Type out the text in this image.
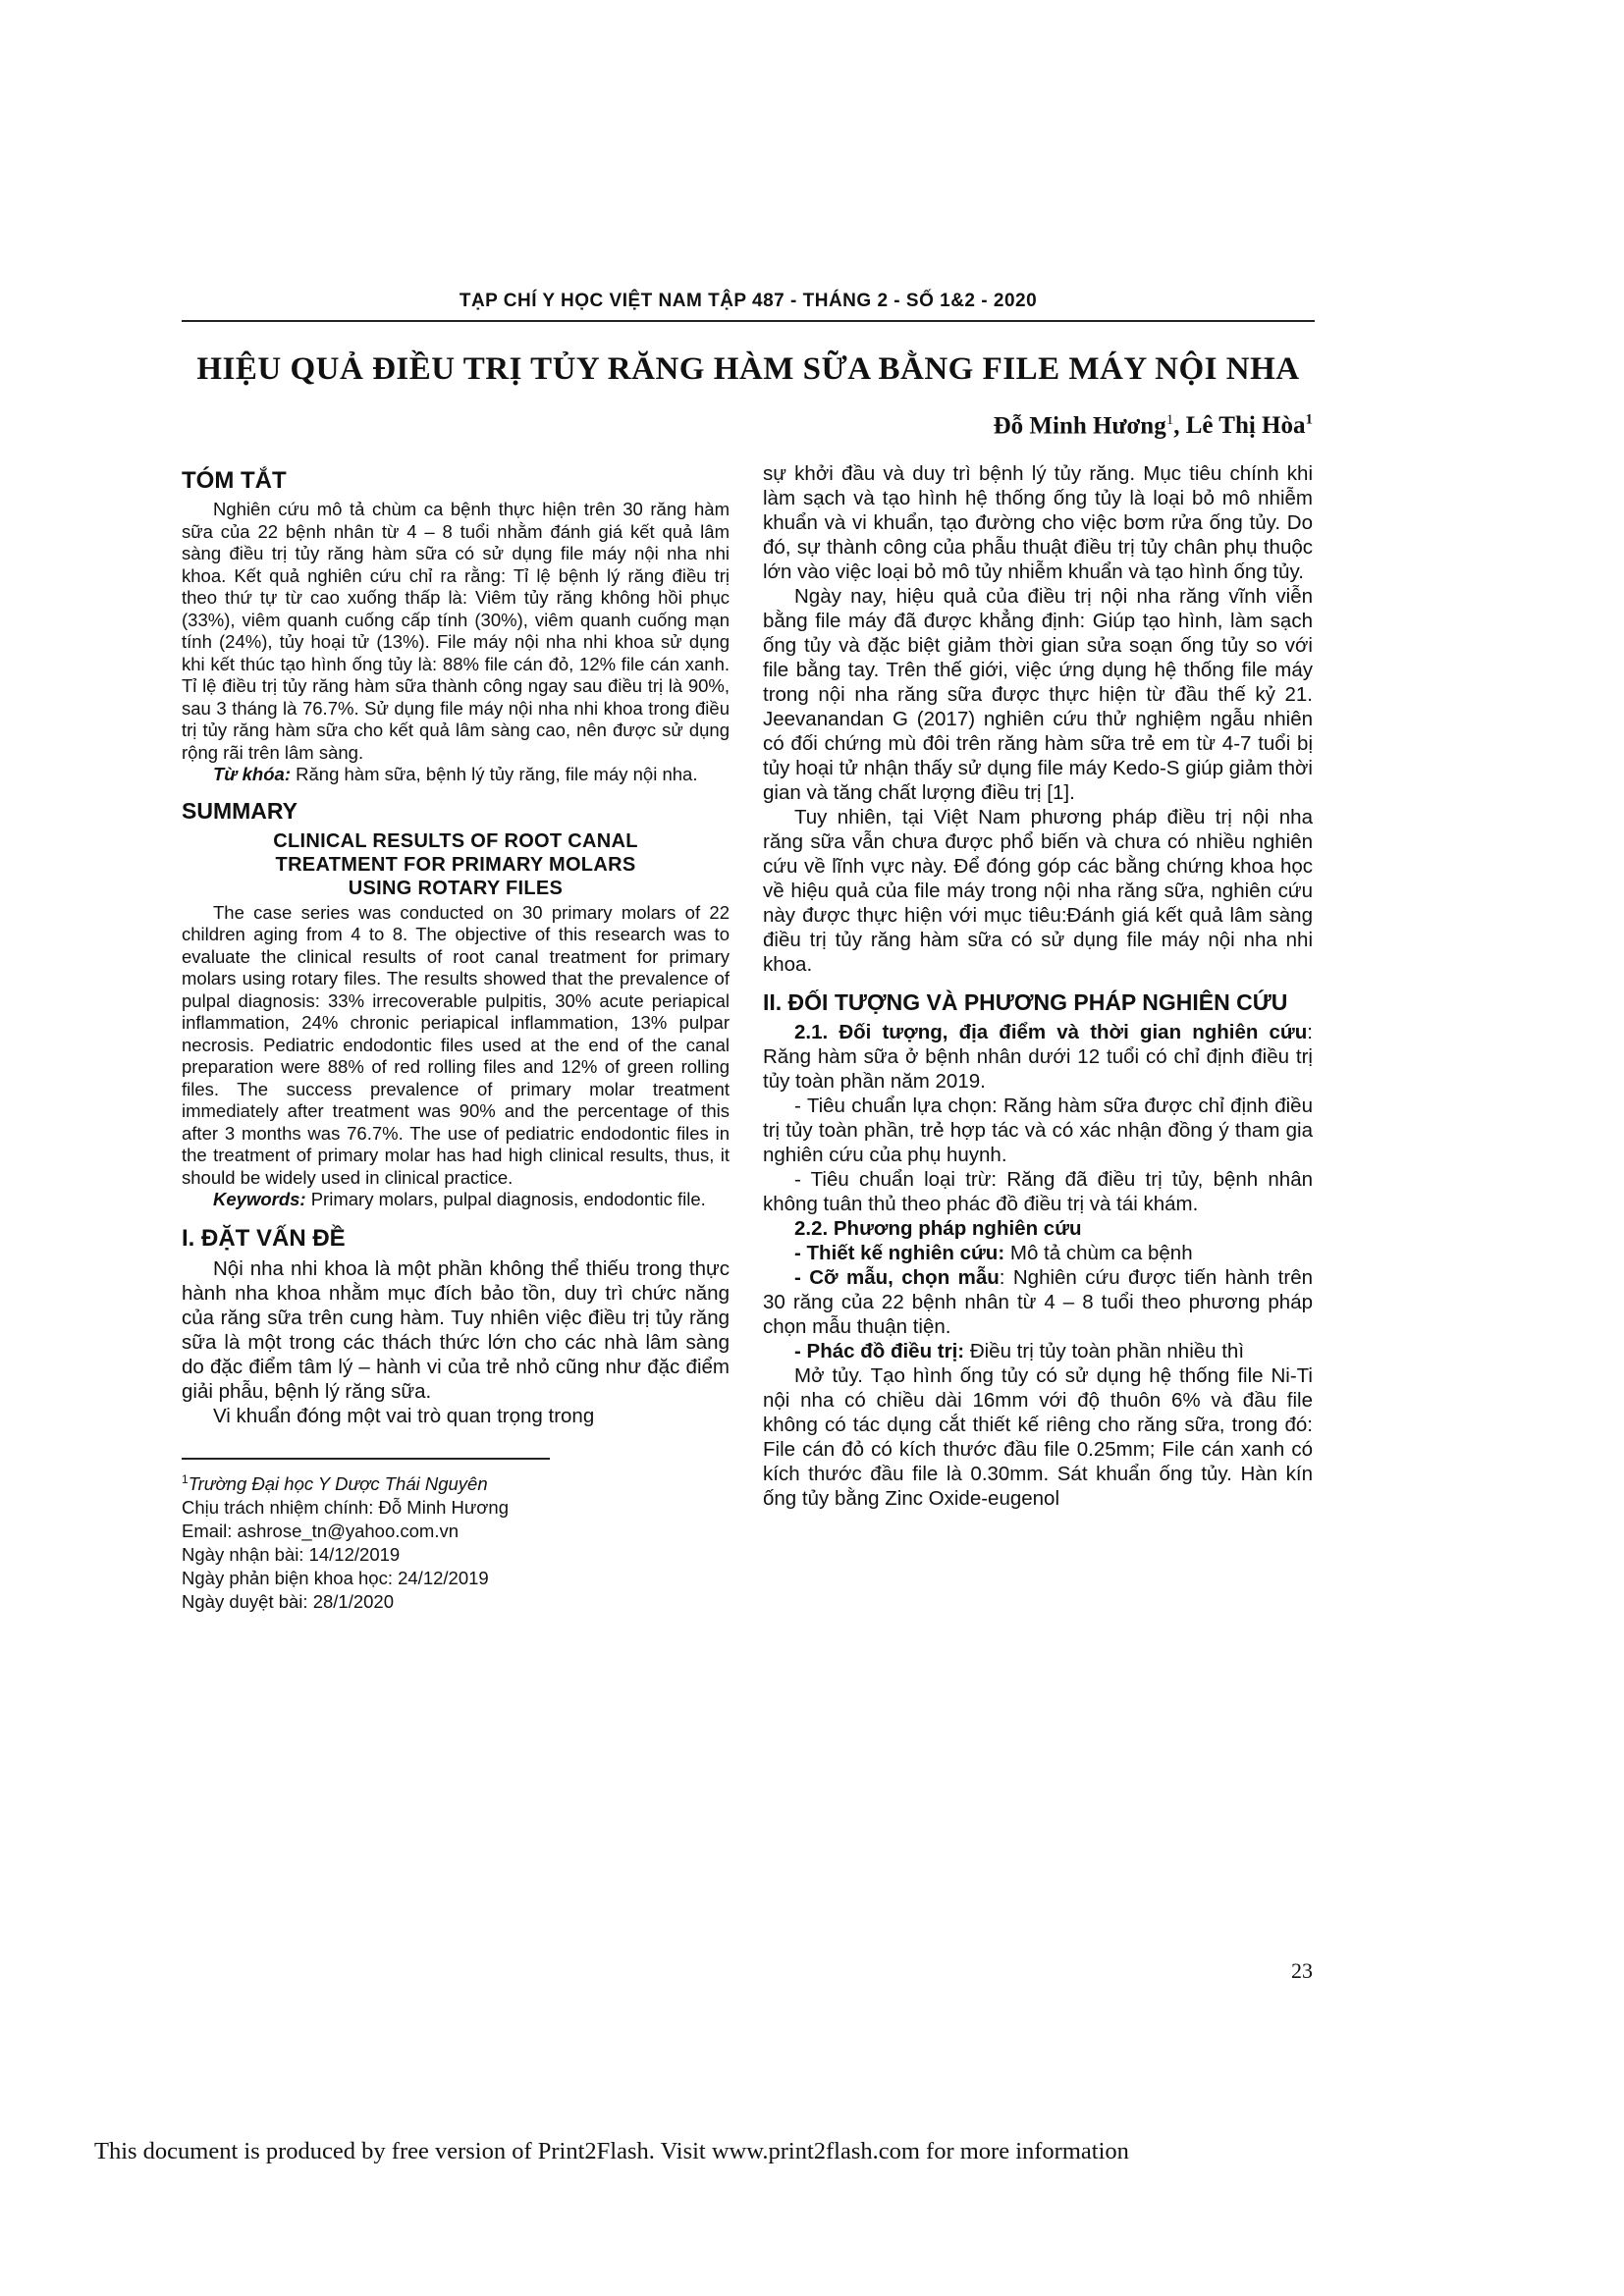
TẠP CHÍ Y HỌC VIỆT NAM TẬP 487 - THÁNG 2 - SỐ 1&2 - 2020
HIỆU QUẢ ĐIỀU TRỊ TỦY RĂNG HÀM SỮA BẰNG FILE MÁY NỘI NHA
Đỗ Minh Hương$^1$, Lê Thị Hòa$^1$

TÓM TẮT

Nghiên cứu mô tả chùm ca bệnh thực hiện trên 30 răng hàm sữa của 22 bệnh nhân từ 4 – 8 tuổi nhằm đánh giá kết quả lâm sàng điều trị tủy răng hàm sữa có sử dụng file máy nội nha nhi khoa. Kết quả nghiên cứu chỉ ra rằng: Tỉ lệ bệnh lý răng điều trị theo thứ tự từ cao xuống thấp là: Viêm tủy răng không hồi phục (33%), viêm quanh cuống cấp tính (30%), viêm quanh cuống mạn tính (24%), tủy hoại tử (13%). File máy nội nha nhi khoa sử dụng khi kết thúc tạo hình ống tủy là: 88% file cán đỏ, 12% file cán xanh. Tỉ lệ điều trị tủy răng hàm sữa thành công ngay sau điều trị là 90%, sau 3 tháng là 76.7%. Sử dụng file máy nội nha nhi khoa trong điều trị tủy răng hàm sữa cho kết quả lâm sàng cao, nên được sử dụng rộng rãi trên lâm sàng.

Từ khóa: Răng hàm sữa, bệnh lý tủy răng, file máy nội nha.

SUMMARY

CLINICAL RESULTS OF ROOT CANAL
TREATMENT FOR PRIMARY MOLARS
USING ROTARY FILES

The case series was conducted on 30 primary molars of 22 children aging from 4 to 8. The objective of this research was to evaluate the clinical results of root canal treatment for primary molars using rotary files. The results showed that the prevalence of pulpal diagnosis: 33% irrecoverable pulpitis, 30% acute periapical inflammation, 24% chronic periapical inflammation, 13% pulpar necrosis. Pediatric endodontic files used at the end of the canal preparation were 88% of red rolling files and 12% of green rolling files. The success prevalence of primary molar treatment immediately after treatment was 90% and the percentage of this after 3 months was 76.7%. The use of pediatric endodontic files in the treatment of primary molar has had high clinical results, thus, it should be widely used in clinical practice.

Keywords: Primary molars, pulpal diagnosis, endodontic file.

I. ĐẶT VẤN ĐỀ

Nội nha nhi khoa là một phần không thể thiếu trong thực hành nha khoa nhằm mục đích bảo tồn, duy trì chức năng của răng sữa trên cung hàm. Tuy nhiên việc điều trị tủy răng sữa là một trong các thách thức lớn cho các nhà lâm sàng do đặc điểm tâm lý – hành vi của trẻ nhỏ cũng như đặc điểm giải phẫu, bệnh lý răng sữa.

Vi khuẩn đóng một vai trò quan trọng trong

$^1$Trường Đại học Y Dược Thái Nguyên
Chịu trách nhiệm chính: Đỗ Minh Hương
Email: ashrose_tn@yahoo.com.vn
Ngày nhận bài: 14/12/2019
Ngày phản biện khoa học: 24/12/2019
Ngày duyệt bài: 28/1/2020

sự khởi đầu và duy trì bệnh lý tủy răng. Mục tiêu chính khi làm sạch và tạo hình hệ thống ống tủy là loại bỏ mô nhiễm khuẩn và vi khuẩn, tạo đường cho việc bơm rửa ống tủy. Do đó, sự thành công của phẫu thuật điều trị tủy chân phụ thuộc lớn vào việc loại bỏ mô tủy nhiễm khuẩn và tạo hình ống tủy.

Ngày nay, hiệu quả của điều trị nội nha răng vĩnh viễn bằng file máy đã được khẳng định: Giúp tạo hình, làm sạch ống tủy và đặc biệt giảm thời gian sửa soạn ống tủy so với file bằng tay. Trên thế giới, việc ứng dụng hệ thống file máy trong nội nha răng sữa được thực hiện từ đầu thế kỷ 21. Jeevanandan G (2017) nghiên cứu thử nghiệm ngẫu nhiên có đối chứng mù đôi trên răng hàm sữa trẻ em từ 4-7 tuổi bị tủy hoại tử nhận thấy sử dụng file máy Kedo-S giúp giảm thời gian và tăng chất lượng điều trị [1].

Tuy nhiên, tại Việt Nam phương pháp điều trị nội nha răng sữa vẫn chưa được phổ biến và chưa có nhiều nghiên cứu về lĩnh vực này. Để đóng góp các bằng chứng khoa học về hiệu quả của file máy trong nội nha răng sữa, nghiên cứu này được thực hiện với mục tiêu:Đánh giá kết quả lâm sàng điều trị tủy răng hàm sữa có sử dụng file máy nội nha nhi khoa.

II. ĐỐI TƯỢNG VÀ PHƯƠNG PHÁP NGHIÊN CỨU

2.1. Đối tượng, địa điểm và thời gian nghiên cứu: Răng hàm sữa ở bệnh nhân dưới 12 tuổi có chỉ định điều trị tủy toàn phần năm 2019.

- Tiêu chuẩn lựa chọn: Răng hàm sữa được chỉ định điều trị tủy toàn phần, trẻ hợp tác và có xác nhận đồng ý tham gia nghiên cứu của phụ huynh.

- Tiêu chuẩn loại trừ: Răng đã điều trị tủy, bệnh nhân không tuân thủ theo phác đồ điều trị và tái khám.

2.2. Phương pháp nghiên cứu

- Thiết kế nghiên cứu: Mô tả chùm ca bệnh

- Cỡ mẫu, chọn mẫu: Nghiên cứu được tiến hành trên 30 răng của 22 bệnh nhân từ 4 – 8 tuổi theo phương pháp chọn mẫu thuận tiện.

- Phác đồ điều trị: Điều trị tủy toàn phần nhiều thì

Mở tủy. Tạo hình ống tủy có sử dụng hệ thống file Ni-Ti nội nha có chiều dài 16mm với độ thuôn 6% và đầu file không có tác dụng cắt thiết kế riêng cho răng sữa, trong đó: File cán đỏ có kích thước đầu file 0.25mm; File cán xanh có kích thước đầu file là 0.30mm. Sát khuẩn ống tủy. Hàn kín ống tủy bằng Zinc Oxide-eugenol

23
This document is produced by free version of Print2Flash. Visit www.print2flash.com for more information
